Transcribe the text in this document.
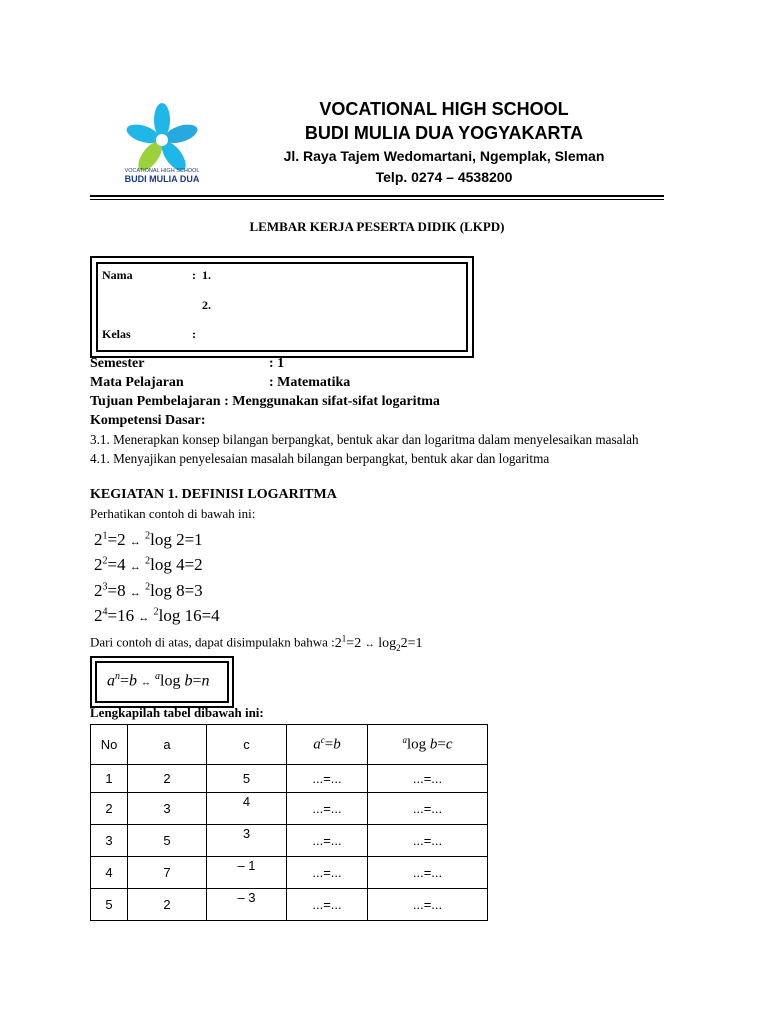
VOCATIONAL HIGH SCHOOL
BUDI MULIA DUA
VOCATIONAL HIGH SCHOOL
BUDI MULIA DUA YOGYAKARTA
Jl. Raya Tajem Wedomartani, Ngemplak, Sleman
Telp. 0274 – 4538200
LEMBAR KERJA PESERTA DIDIK (LKPD)
Nama	: 1.
2.
Kelas	:
Semester	: 1
Mata Pelajaran	: Matematika
Tujuan Pembelajaran : Menggunakan sifat-sifat logaritma
Kompetensi Dasar:
3.1. Menerapkan konsep bilangan berpangkat, bentuk akar dan logaritma dalam menyelesaikan masalah
4.1. Menyajikan penyelesaian masalah bilangan berpangkat, bentuk akar dan logaritma
KEGIATAN 1. DEFINISI LOGARITMA
Perhatikan contoh di bawah ini:
$2^1=2$ ↔ $^2$log 2=1
$2^2=4$ ↔ $^2$log 4=2
$2^3=8$ ↔ $^2$log 8=3
$2^4=16$ ↔ $^2$log 16=4
Dari contoh di atas, dapat disimpulakn bahwa $:2^1=2$ ↔ $\log_22=1$
$a^n=b$ ↔ $^a$log b=n
Lengkapilah tabel dibawah ini:
No	a	c	$a^c=b$	$^a$log b=c
1	2	5	...=...	...=...
2	3	4	...=...	...=...
3	5	3	...=...	...=...
4	7	– 1	...=...	...=...
5	2	– 3	...=...	...=...
